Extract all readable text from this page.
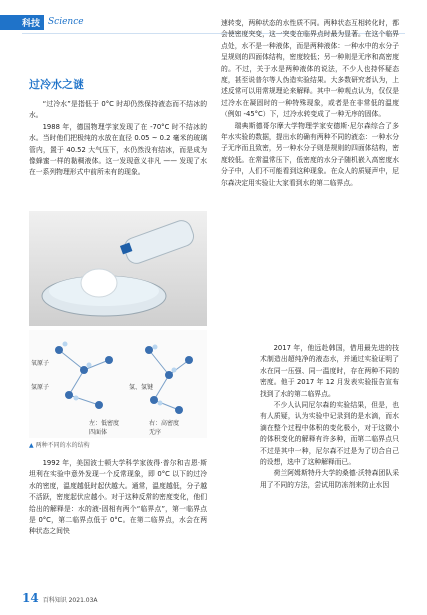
科技 Science
过冷水之谜

“过冷水”是指低于 0°C 时却仍然保持液态而不结冰的水。

1988 年，德国物理学家发现了在 -70°C 时不结冰的水。当时他们把极纯的水放在直径 0.05 ~ 0.2 毫米的玻璃管内，置于 40.52 大气压下，水仍然没有结冰，而是成为像蜂蜜一样的黏稠液体。这一发现意义非凡 —— 发现了水在一系列物理形式中前所未有的现象。

氧原子
氢原子	氢、氢键
左：低密度
四面体
右：高密度
无序
▲ 两种不同的水的结构

1992 年，美国波士顿大学科学家彼得·普尔和吉恩·斯坦利在实验中意外发现一个反常现象，即 0°C 以下的过冷水的密度，温度越低时起伏越大。通常，温度越低，分子越不活跃，密度起伏应越小。对于这种反常的密度变化，他们给出的解释是：水的液-固相有两个“临界点”，第一临界点是 0°C，第二临界点低于 0°C。在第二临界点，水会在两种状态之间快

速转变，两种状态的水性质不同。两种状态互相转化时，都会使密度突变，这一突变在临界点时最为显著。在这个临界点处，水不是一种液体，而是两种液体：一种水中的水分子呈规则的四面体结构，密度较低；另一种则是无序和高密度的。不过，关于水是两种液体的说法，不少人也持怀疑态度，甚至说普尔等人伪造实验结果。大多数研究者认为，上述反常可以用常规理论来解释。其中一种观点认为，仅仅是过冷水在凝固时的一种特殊现象，或者是在非常低的温度（例如 -45°C）下，过冷水转变成了一种无序的固体。

瑞典斯德哥尔摩大学物理学家安德斯·尼尔森综合了多年水实验的数据，提出水的确有两种不同的液态：一种水分子无序而且致密，另一种水分子则是规则的四面体结构，密度较低。在常温常压下，低密度的水分子随机嵌入高密度水分子中，人们不可能看到这种现象。在众人的质疑声中，尼尔森决定用实验让大家看到水的第二临界点。

2017 年，他远赴韩国，借用最先进的技术制造出超纯净的液态水，并通过实验证明了水在同一压强、同一温度时，存在两种不同的密度。他于 2017 年 12 月发表实验报告宣布找到了水的第二临界点。

不少人认同尼尔森的实验结果，但是，也有人质疑，认为实验中记录到的是水滴，而水滴在整个过程中体积的变化极小，对于这微小的体积变化的解释有许多种，而第二临界点只不过是其中一种，尼尔森不过是为了切合自己的设想，选中了这种解释而已。

荷兰阿姆斯特丹大学的桑德·沃特森团队采用了不同的方法，尝试用防冻剂来防止水因

14 百科知识 2021.03A
